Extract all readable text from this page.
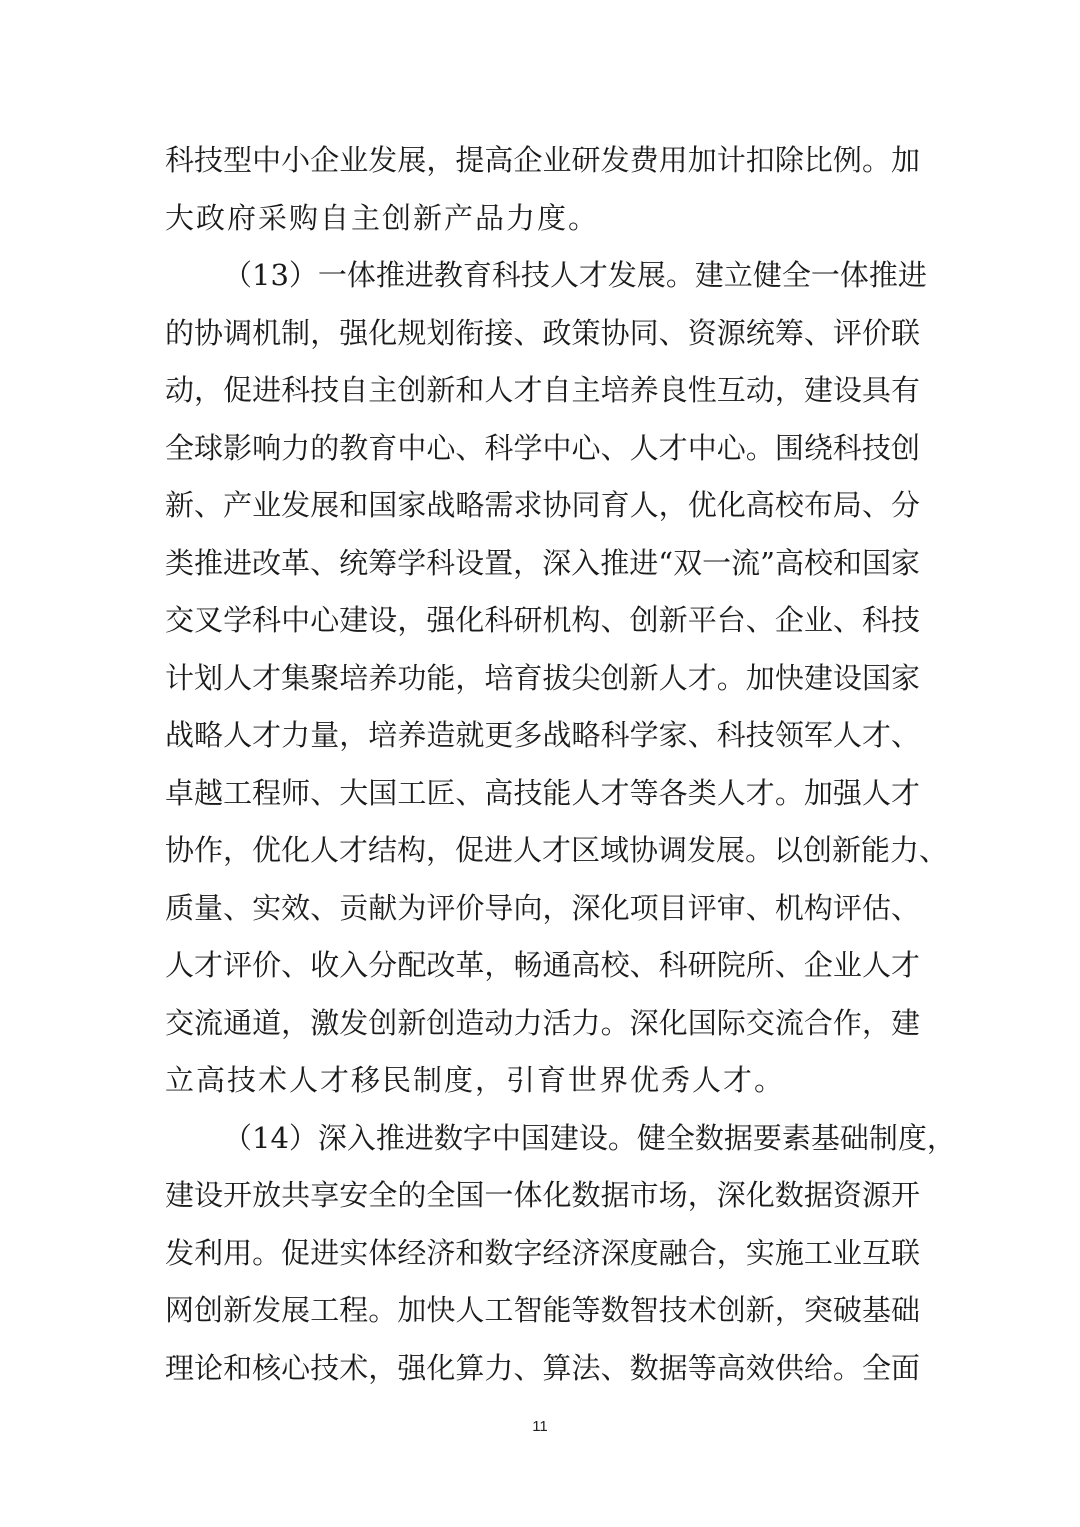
科技型中小企业发展，提高企业研发费用加计扣除比例。加
大政府采购自主创新产品力度。
（13）一体推进教育科技人才发展。建立健全一体推进
的协调机制，强化规划衔接、政策协同、资源统筹、评价联
动，促进科技自主创新和人才自主培养良性互动，建设具有
全球影响力的教育中心、科学中心、人才中心。围绕科技创
新、产业发展和国家战略需求协同育人，优化高校布局、分
类推进改革、统筹学科设置，深入推进“双一流”高校和国家
交叉学科中心建设，强化科研机构、创新平台、企业、科技
计划人才集聚培养功能，培育拔尖创新人才。加快建设国家
战略人才力量，培养造就更多战略科学家、科技领军人才、
卓越工程师、大国工匠、高技能人才等各类人才。加强人才
协作，优化人才结构，促进人才区域协调发展。以创新能力、
质量、实效、贡献为评价导向，深化项目评审、机构评估、
人才评价、收入分配改革，畅通高校、科研院所、企业人才
交流通道，激发创新创造动力活力。深化国际交流合作，建
立高技术人才移民制度，引育世界优秀人才。
（14）深入推进数字中国建设。健全数据要素基础制度，
建设开放共享安全的全国一体化数据市场，深化数据资源开
发利用。促进实体经济和数字经济深度融合，实施工业互联
网创新发展工程。加快人工智能等数智技术创新，突破基础
理论和核心技术，强化算力、算法、数据等高效供给。全面
11
